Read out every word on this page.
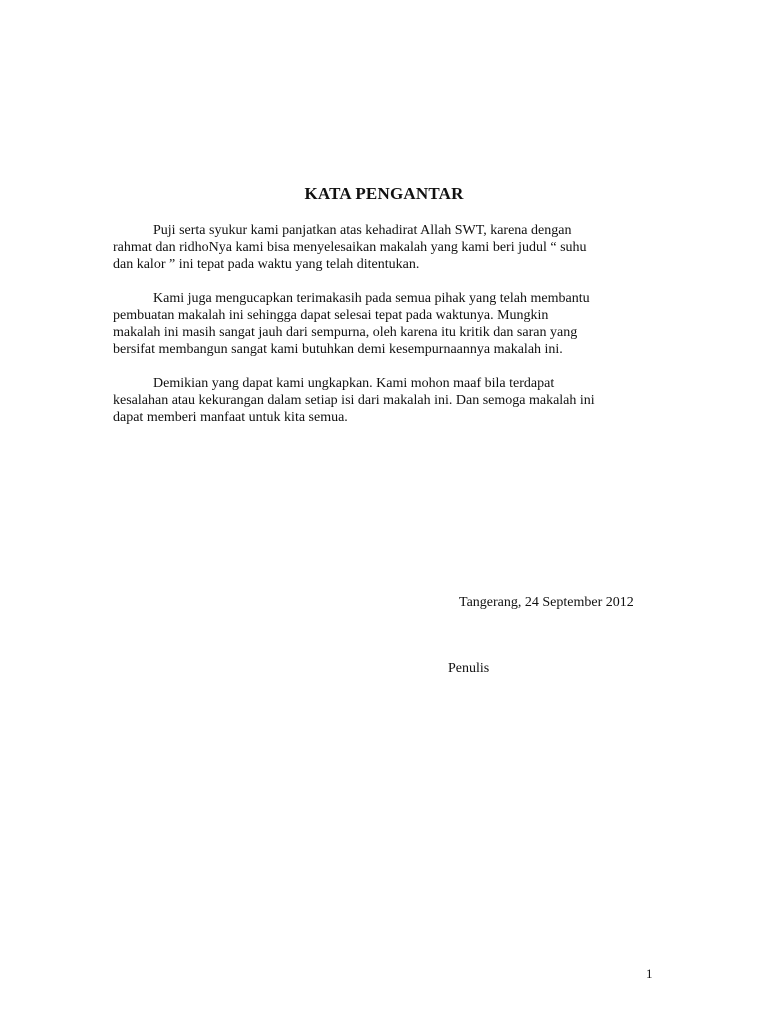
KATA PENGANTAR

Puji serta syukur kami panjatkan atas kehadirat Allah SWT, karena dengan
rahmat dan ridhoNya kami bisa menyelesaikan makalah yang kami beri judul “ suhu
dan kalor ” ini tepat pada waktu yang telah ditentukan.

Kami juga mengucapkan terimakasih pada semua pihak yang telah membantu
pembuatan makalah ini sehingga dapat selesai tepat pada waktunya. Mungkin
makalah ini masih sangat jauh dari sempurna, oleh karena itu kritik dan saran yang
bersifat membangun sangat kami butuhkan demi kesempurnaannya makalah ini.

Demikian yang dapat kami ungkapkan. Kami mohon maaf bila terdapat
kesalahan atau kekurangan dalam setiap isi dari makalah ini. Dan semoga makalah ini
dapat memberi manfaat untuk kita semua.

Tangerang, 24 September 2012
Penulis
1
